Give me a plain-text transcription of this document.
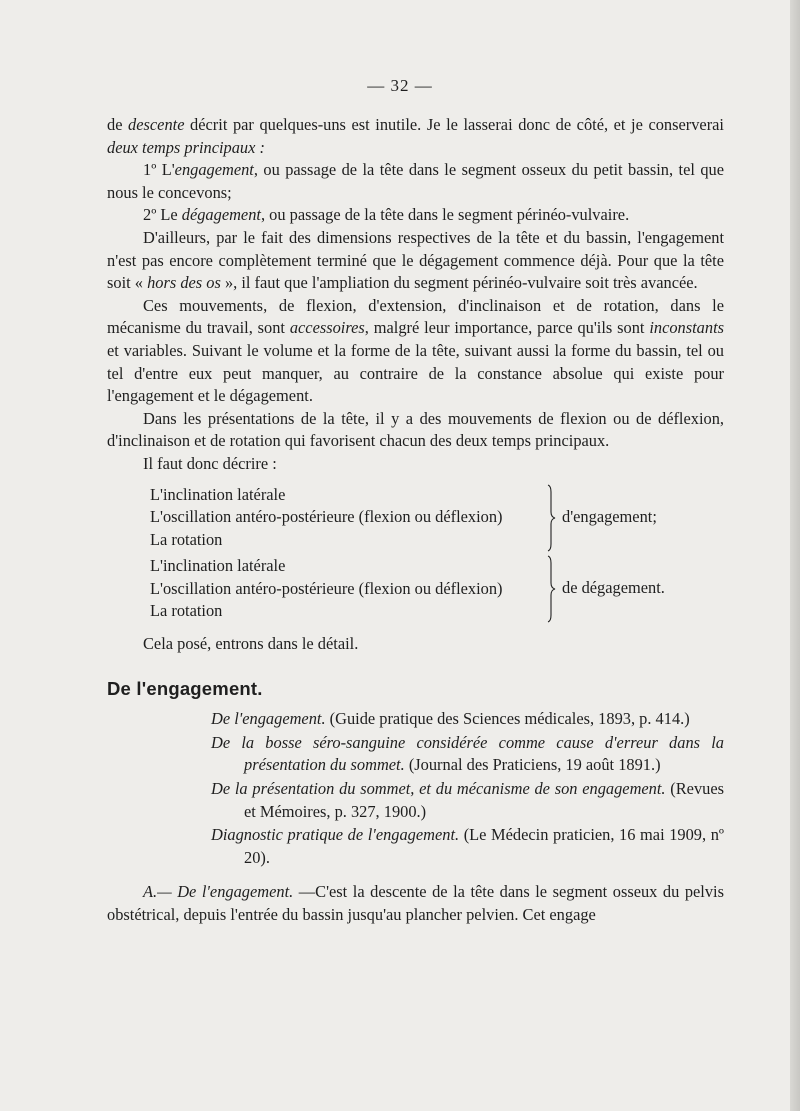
— 32 —

de descente décrit par quelques-uns est inutile. Je le lasserai donc de côté, et je conserverai deux temps principaux :

1º L'engagement, ou passage de la tête dans le segment osseux du petit bassin, tel que nous le concevons;

2º Le dégagement, ou passage de la tête dans le segment périnéo-vulvaire.

D'ailleurs, par le fait des dimensions respectives de la tête et du bassin, l'engagement n'est pas encore complètement terminé que le dégagement commence déjà. Pour que la tête soit « hors des os », il faut que l'ampliation du segment périnéo-vulvaire soit très avancée.

Ces mouvements, de flexion, d'extension, d'inclinaison et de rotation, dans le mécanisme du travail, sont accessoires, malgré leur importance, parce qu'ils sont inconstants et variables. Suivant le volume et la forme de la tête, suivant aussi la forme du bassin, tel ou tel d'entre eux peut manquer, au contraire de la constance absolue qui existe pour l'engagement et le dégagement.

Dans les présentations de la tête, il y a des mouvements de flexion ou de déflexion, d'inclinaison et de rotation qui favorisent chacun des deux temps principaux.

Il faut donc décrire :

L'inclination latérale
L'oscillation antéro-postérieure (flexion ou déflexion)
La rotation
d'engagement;
L'inclination latérale
L'oscillation antéro-postérieure (flexion ou déflexion)
La rotation
de dégagement.

Cela posé, entrons dans le détail.

De l'engagement.

De l'engagement. (Guide pratique des Sciences médicales, 1893, p. 414.)

De la bosse séro-sanguine considérée comme cause d'erreur dans la présentation du sommet. (Journal des Praticiens, 19 août 1891.)

De la présentation du sommet, et du mécanisme de son engagement. (Revues et Mémoires, p. 327, 1900.)

Diagnostic pratique de l'engagement. (Le Médecin praticien, 16 mai 1909, nº 20).

A.— De l'engagement. —C'est la descente de la tête dans le segment osseux du pelvis obstétrical, depuis l'entrée du bassin jusqu'au plancher pelvien. Cet engage
